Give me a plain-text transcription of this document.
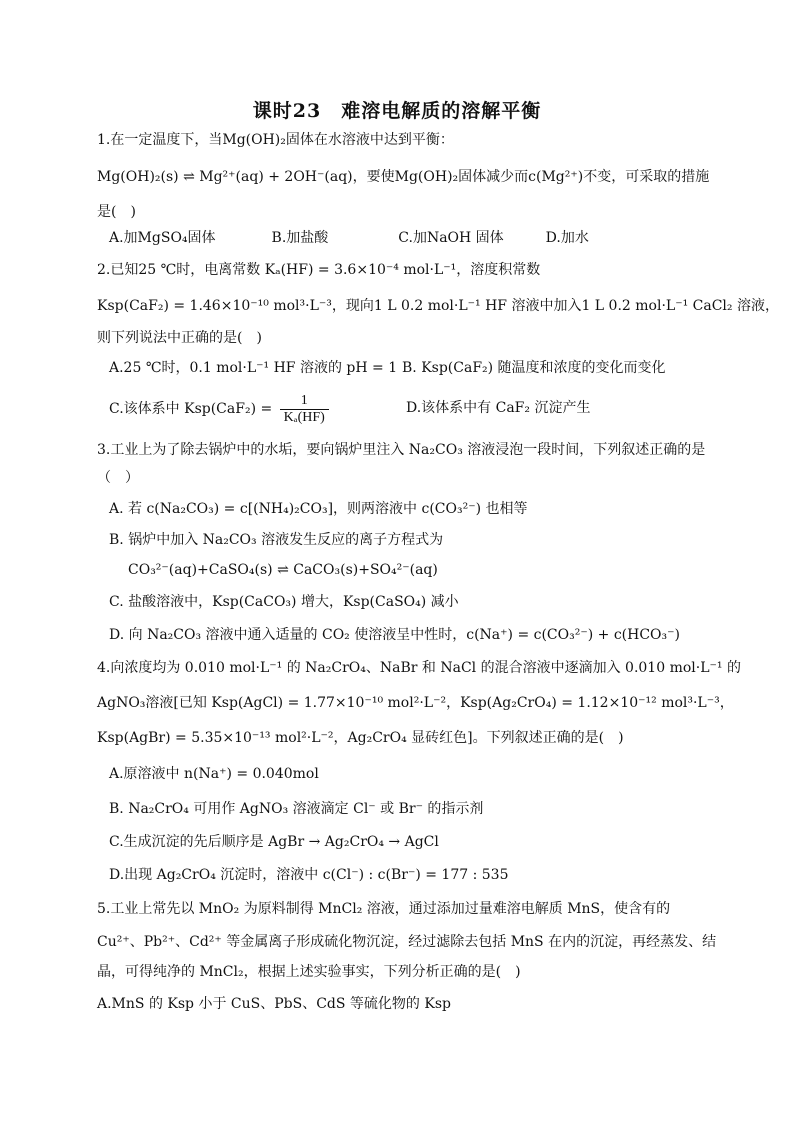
课时23　难溶电解质的溶解平衡
1.在一定温度下，当Mg(OH)₂固体在水溶液中达到平衡：
Mg(OH)₂(s) ⇌ Mg²⁺(aq) + 2OH⁻(aq)，要使Mg(OH)₂固体减少而c(Mg²⁺)不变，可采取的措施
是(　)
A.加MgSO₄固体　　　　B.加盐酸　　　　　C.加NaOH 固体　　　D.加水
2.已知25 ℃时，电离常数 Kₐ(HF) = 3.6×10⁻⁴ mol·L⁻¹，溶度积常数
Ksp(CaF₂) = 1.46×10⁻¹⁰ mol³·L⁻³，现向1 L 0.2 mol·L⁻¹ HF 溶液中加入1 L 0.2 mol·L⁻¹ CaCl₂ 溶液，
则下列说法中正确的是(　)
A.25 ℃时，0.1 mol·L⁻¹ HF 溶液的 pH = 1 B. Ksp(CaF₂) 随温度和浓度的变化而变化
C.该体系中 $Ksp(CaF_2) = \frac{1}{\text{Kₐ(HF)}}$	D.该体系中有 CaF₂ 沉淀产生
3.工业上为了除去锅炉中的水垢，要向锅炉里注入 Na₂CO₃ 溶液浸泡一段时间，下列叙述正确的是
（　）
A. 若 c(Na₂CO₃) = c[(NH₄)₂CO₃]，则两溶液中 c(CO₃²⁻) 也相等
B. 锅炉中加入 Na₂CO₃ 溶液发生反应的离子方程式为
CO₃²⁻(aq)+CaSO₄(s) ⇌ CaCO₃(s)+SO₄²⁻(aq)
C. 盐酸溶液中，Ksp(CaCO₃) 增大，Ksp(CaSO₄) 减小
D. 向 Na₂CO₃ 溶液中通入适量的 CO₂ 使溶液呈中性时，c(Na⁺) = c(CO₃²⁻) + c(HCO₃⁻)
4.向浓度均为 0.010 mol·L⁻¹ 的 Na₂CrO₄、NaBr 和 NaCl 的混合溶液中逐滴加入 0.010 mol·L⁻¹ 的
AgNO₃溶液[已知 Ksp(AgCl) = 1.77×10⁻¹⁰ mol²·L⁻²，Ksp(Ag₂CrO₄) = 1.12×10⁻¹² mol³·L⁻³，
Ksp(AgBr) = 5.35×10⁻¹³ mol²·L⁻²，Ag₂CrO₄ 显砖红色]。下列叙述正确的是(　)
A.原溶液中 n(Na⁺) = 0.040mol
B. Na₂CrO₄ 可用作 AgNO₃ 溶液滴定 Cl⁻ 或 Br⁻ 的指示剂
C.生成沉淀的先后顺序是 AgBr → Ag₂CrO₄ → AgCl
D.出现 Ag₂CrO₄ 沉淀时，溶液中 c(Cl⁻) : c(Br⁻) = 177 : 535
5.工业上常先以 MnO₂ 为原料制得 MnCl₂ 溶液，通过添加过量难溶电解质 MnS，使含有的
Cu²⁺、Pb²⁺、Cd²⁺ 等金属离子形成硫化物沉淀，经过滤除去包括 MnS 在内的沉淀，再经蒸发、结
晶，可得纯净的 MnCl₂，根据上述实验事实，下列分析正确的是(　)
A.MnS 的 Ksp 小于 CuS、PbS、CdS 等硫化物的 Ksp
